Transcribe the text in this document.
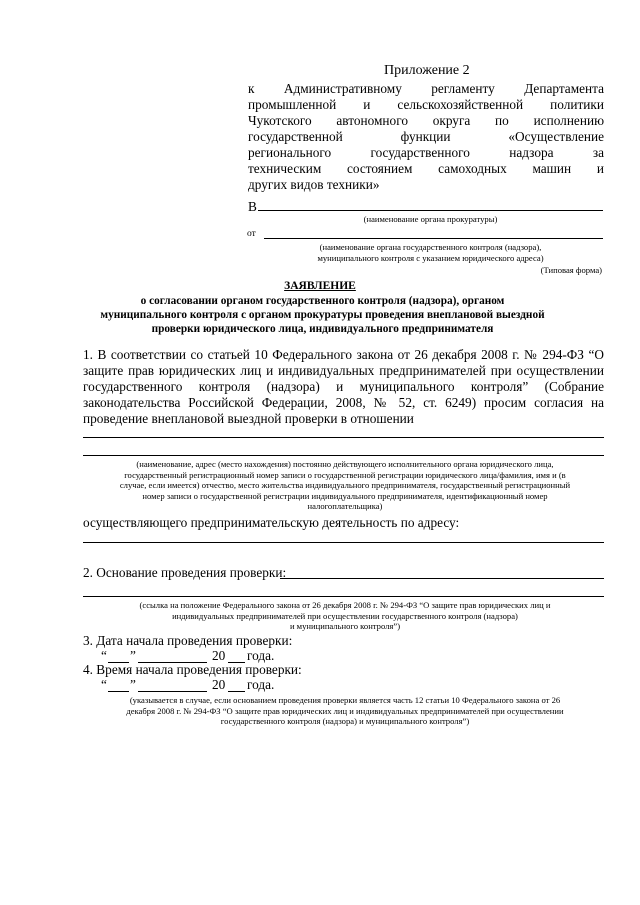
Приложение 2
к Административному регламенту Департамента
промышленной и сельскохозяйственной политики
Чукотского автономного округа по исполнению
государственной функции «Осуществление
регионального государственного надзора за
техническим состоянием самоходных машин и
других видов техники»
В
(наименование органа прокуратуры)
от
(наименование органа государственного контроля (надзора),
муниципального контроля с указанием юридического адреса)
(Типовая форма)
ЗАЯВЛЕНИЕ
о согласовании органом государственного контроля (надзора), органом
муниципального контроля с органом прокуратуры проведения внеплановой выездной
проверки юридического лица, индивидуального предпринимателя
1. В соответствии со статьей 10 Федерального закона от 26 декабря 2008 г. № 294-ФЗ “О
защите прав юридических лиц и индивидуальных предпринимателей при осуществлении
государственного контроля (надзора) и муниципального контроля” (Собрание
законодательства Российской Федерации, 2008, № 52, ст. 6249) просим согласия на
проведение внеплановой выездной проверки в отношении
(наименование, адрес (место нахождения) постоянно действующего исполнительного органа юридического лица,
государственный регистрационный номер записи о государственной регистрации юридического лица/фамилия, имя и (в
случае, если имеется) отчество, место жительства индивидуального предпринимателя, государственный регистрационный
номер записи о государственной регистрации индивидуального предпринимателя, идентификационный номер
налогоплательщика)
осуществляющего предпринимательскую деятельность по адресу:
2. Основание проведения проверки:
(ссылка на положение Федерального закона от 26 декабря 2008 г. № 294-ФЗ “О защите прав юридических лиц и
индивидуальных предпринимателей при осуществлении государственного контроля (надзора)
и муниципального контроля”)
3. Дата начала проведения проверки:
“ ”	20 года.
4. Время начала проведения проверки:
“ ”	20 года.
(указывается в случае, если основанием проведения проверки является часть 12 статьи 10 Федерального закона от 26
декабря 2008 г. № 294-ФЗ “О защите прав юридических лиц и индивидуальных предпринимателей при осуществлении
государственного контроля (надзора) и муниципального контроля”)
